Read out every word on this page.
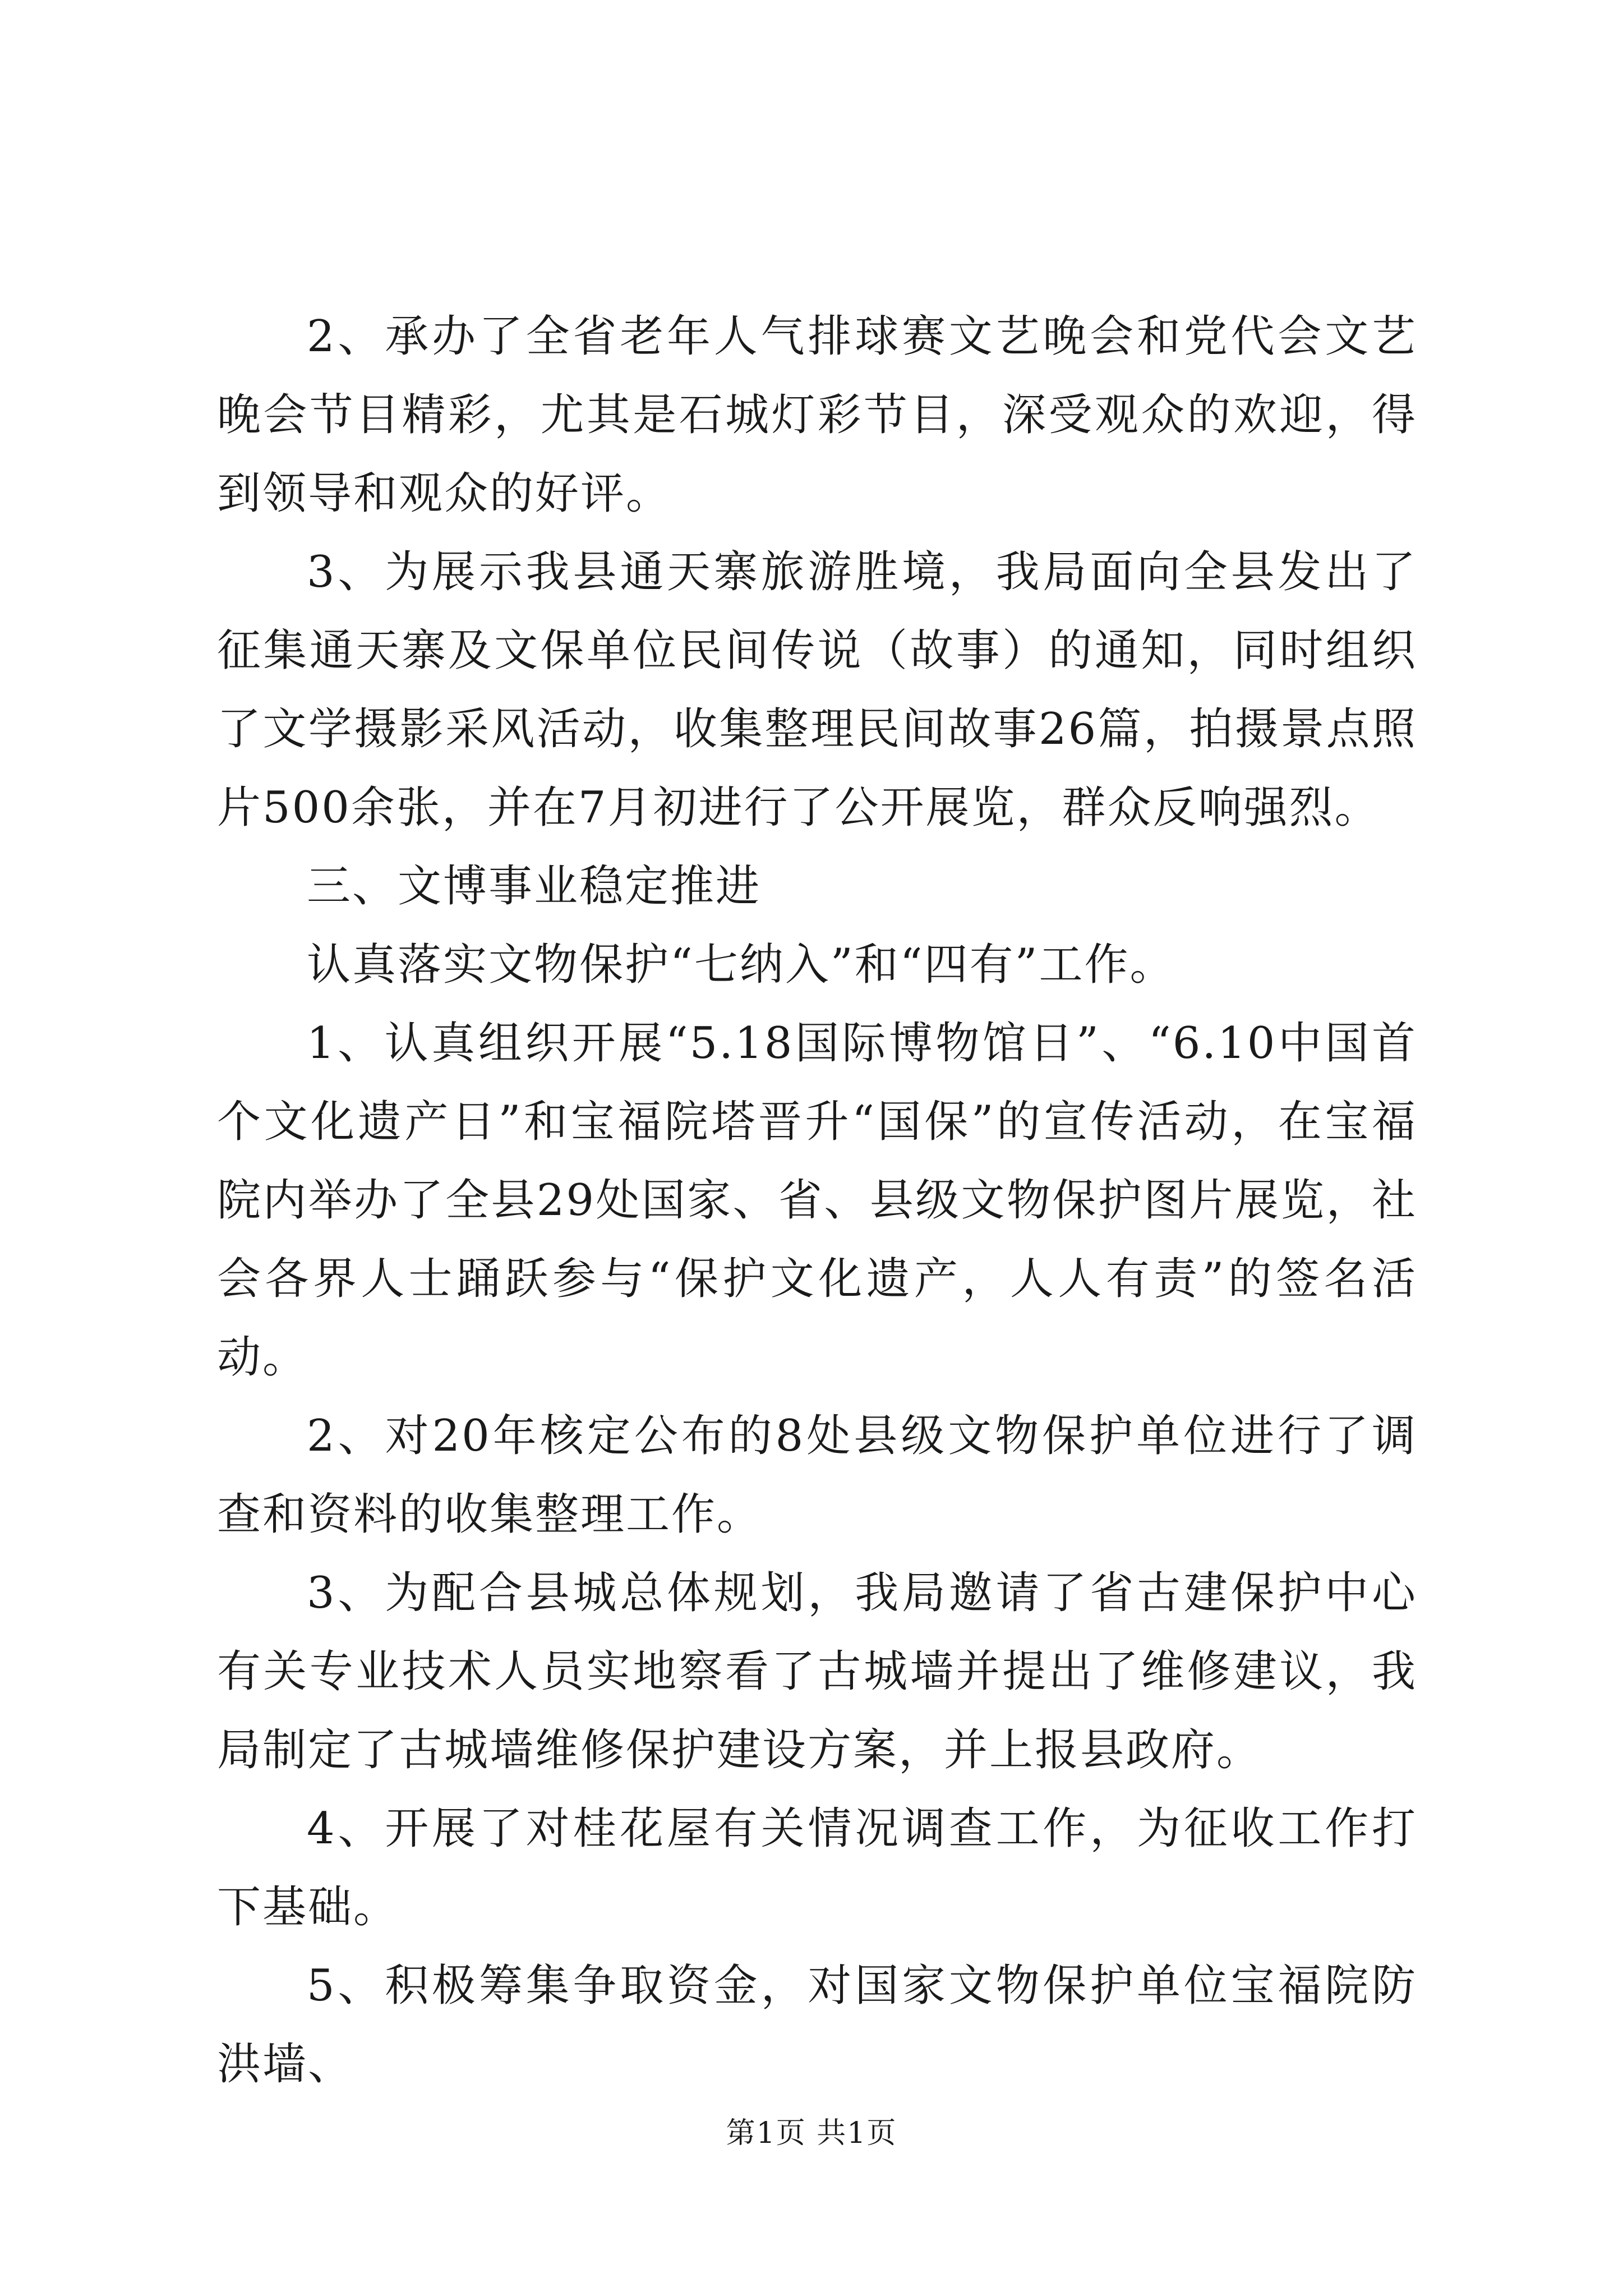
2、承办了全省老年人气排球赛文艺晚会和党代会文艺晚会节目精彩，尤其是石城灯彩节目，深受观众的欢迎，得到领导和观众的好评。

3、为展示我县通天寨旅游胜境，我局面向全县发出了征集通天寨及文保单位民间传说（故事）的通知，同时组织了文学摄影采风活动，收集整理民间故事26篇，拍摄景点照片500余张，并在7月初进行了公开展览，群众反响强烈。

三、文博事业稳定推进

认真落实文物保护“七纳入”和“四有”工作。

1、认真组织开展“5.18国际博物馆日”、“6.10中国首个文化遗产日”和宝福院塔晋升“国保”的宣传活动，在宝福院内举办了全县29处国家、省、县级文物保护图片展览，社会各界人士踊跃参与“保护文化遗产，人人有责”的签名活动。

2、对20年核定公布的8处县级文物保护单位进行了调查和资料的收集整理工作。

3、为配合县城总体规划，我局邀请了省古建保护中心有关专业技术人员实地察看了古城墙并提出了维修建议，我局制定了古城墙维修保护建设方案，并上报县政府。

4、开展了对桂花屋有关情况调查工作，为征收工作打下基础。

5、积极筹集争取资金，对国家文物保护单位宝福院防洪墙、

第1页 共1页
